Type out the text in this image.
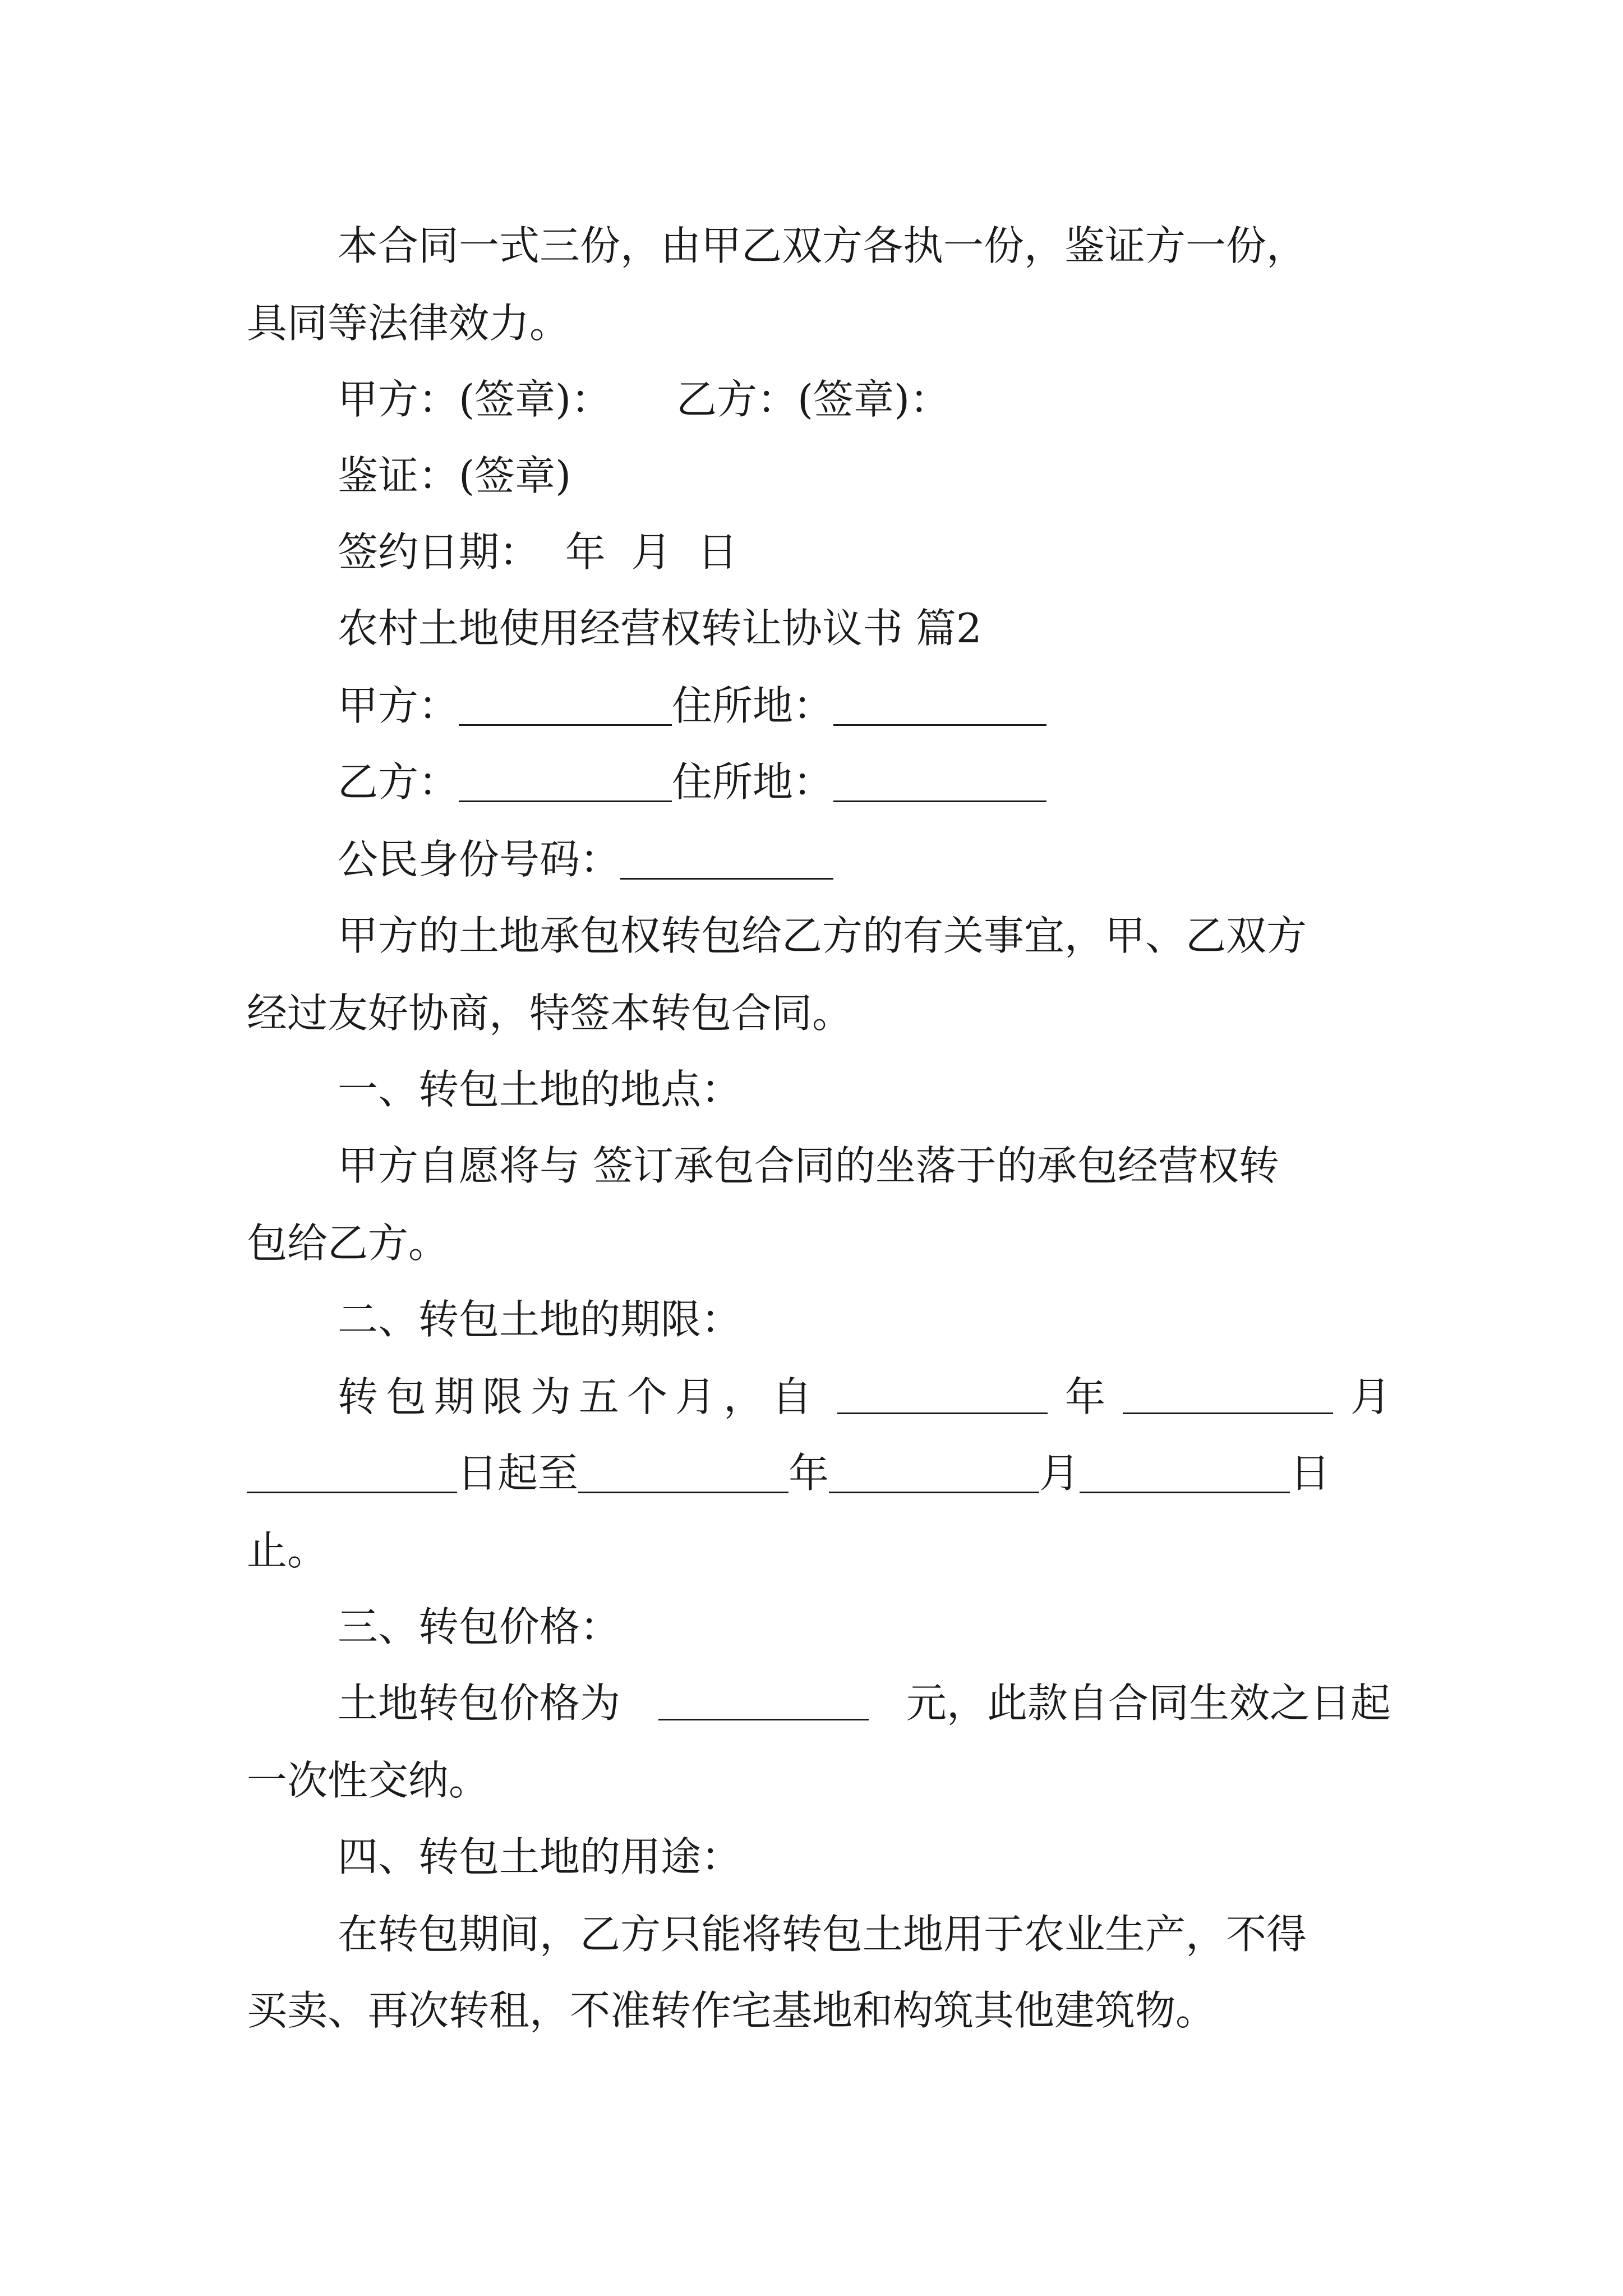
本合同一式三份，由甲乙双方各执一份，鉴证方一份，
具同等法律效力。
甲方：(签章)： 乙方：(签章)：
鉴证：(签章)
签约日期：  年  月  日
农村土地使用经营权转让协议书 篇2
甲方：	住所地：
乙方：	住所地：
公民身份号码：
甲方的土地承包权转包给乙方的有关事宜，甲、乙双方
经过友好协商，特签本转包合同。
一、转包土地的地点：
甲方自愿将与 签订承包合同的坐落于的承包经营权转
包给乙方。
二、转包土地的期限：
转包期限为五个月，自	年	月
日起至	年	月	日
止。
三、转包价格：
土地转包价格为	元，此款自合同生效之日起
一次性交纳。
四、转包土地的用途：
在转包期间，乙方只能将转包土地用于农业生产，不得
买卖、再次转租，不准转作宅基地和构筑其他建筑物。
